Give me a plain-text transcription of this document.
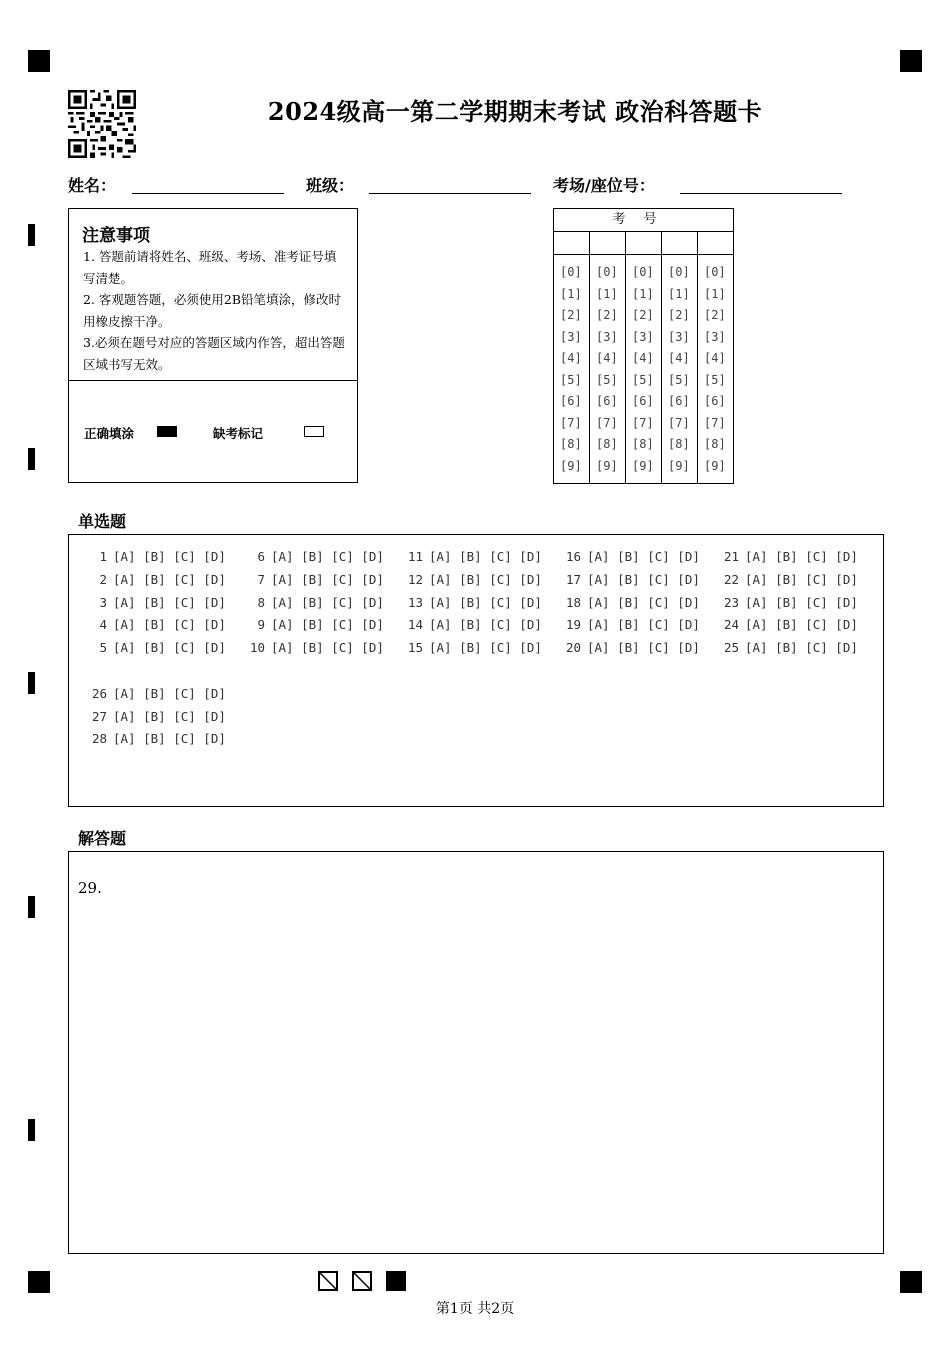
2024级高一第二学期期末考试 政治科答题卡
姓名：	班级：	考场/座位号：
注意事项
1. 答题前请将姓名、班级、考场、准考证号填写清楚。
2. 客观题答题，必须使用2B铅笔填涂，修改时用橡皮擦干净。
3.必须在题号对应的答题区域内作答，超出答题区域书写无效。
正确填涂	缺考标记
考号
[0] [0] [0] [0] [0]
[1] [1] [1] [1] [1]
[2] [2] [2] [2] [2]
[3] [3] [3] [3] [3]
[4] [4] [4] [4] [4]
[5] [5] [5] [5] [5]
[6] [6] [6] [6] [6]
[7] [7] [7] [7] [7]
[8] [8] [8] [8] [8]
[9] [9] [9] [9] [9]
单选题
1 [A] [B] [C] [D]
2 [A] [B] [C] [D]
3 [A] [B] [C] [D]
4 [A] [B] [C] [D]
5 [A] [B] [C] [D]
6 [A] [B] [C] [D]
7 [A] [B] [C] [D]
8 [A] [B] [C] [D]
9 [A] [B] [C] [D]
10 [A] [B] [C] [D]
11 [A] [B] [C] [D]
12 [A] [B] [C] [D]
13 [A] [B] [C] [D]
14 [A] [B] [C] [D]
15 [A] [B] [C] [D]
16 [A] [B] [C] [D]
17 [A] [B] [C] [D]
18 [A] [B] [C] [D]
19 [A] [B] [C] [D]
20 [A] [B] [C] [D]
21 [A] [B] [C] [D]
22 [A] [B] [C] [D]
23 [A] [B] [C] [D]
24 [A] [B] [C] [D]
25 [A] [B] [C] [D]
26 [A] [B] [C] [D]
27 [A] [B] [C] [D]
28 [A] [B] [C] [D]
解答题
29.
第1页 共2页
